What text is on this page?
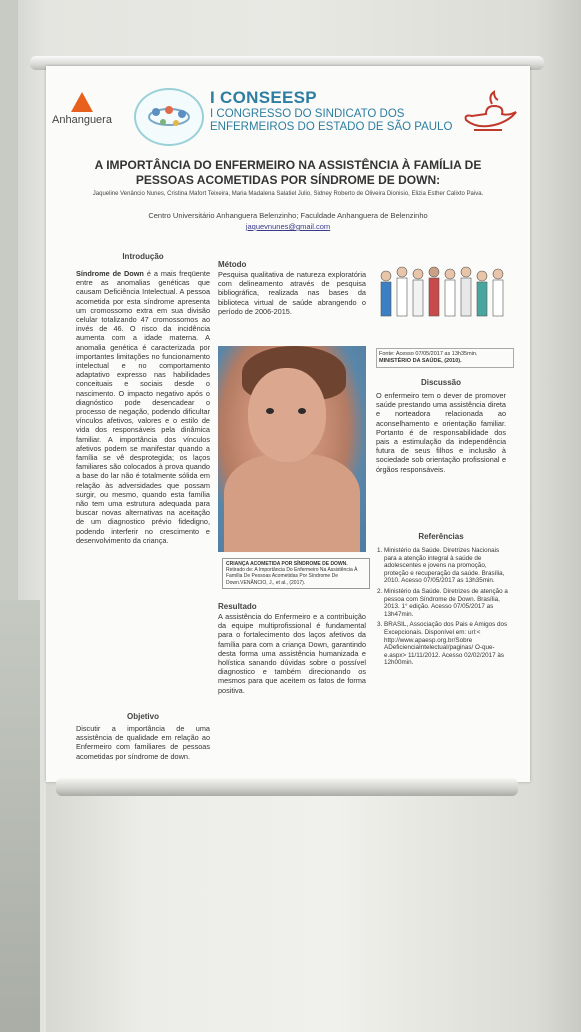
Anhanguera
I CONSEESP
I CONGRESSO DO SINDICATO DOS
ENFERMEIROS DO ESTADO DE SÃO PAULO
A IMPORTÂNCIA DO ENFERMEIRO NA ASSISTÊNCIA À FAMÍLIA DE
PESSOAS ACOMETIDAS POR SÍNDROME DE DOWN:
Jaqueline Venâncio Nunes, Cristina Mafort Teixeira, Maria Madalena Salatiel Julio, Sidney Roberto de Oliveira Dionisio, Elizia Esther Calixto Paiva.
Centro Universitário Anhanguera Belenzinho; Faculdade Anhanguera de Belenzinho
jaquevnunes@gmail.com
Introdução
Síndrome de Down é a mais freqüente entre as anomalias genéticas que causam Deficiência Intelectual. A pessoa acometida por esta síndrome apresenta um cromossomo extra em sua divisão celular totalizando 47 cromossomos ao invés de 46. O risco da incidência aumenta com a idade materna. A anomalia genética é caracterizada por importantes limitações no funcionamento intelectual e no comportamento adaptativo expresso nas habilidades conceituais e sociais desde o nascimento. O impacto negativo após o diagnóstico pode desencadear o processo de negação, podendo dificultar vínculos afetivos, valores e o estilo de vida dos responsáveis pela dinâmica familiar. A importância dos vínculos afetivos podem se manifestar quando a família se vê desprotegida; os laços familiares são colocados à prova quando a base do lar não é totalmente sólida em relação às adversidades que possam surgir, ou mesmo, quando esta família não tem uma estrutura adequada para buscar novas alternativas na aceitação de um diagnostico prévio fidedigno, podendo interferir no crescimento e desenvolvimento da criança.
Objetivo
Discutir a importância de uma assistência de qualidade em relação ao Enfermeiro com familiares de pessoas acometidas por síndrome de down.
Método
Pesquisa qualitativa de natureza exploratória com delineamento através de pesquisa bibliográfica, realizada nas bases da biblioteca virtual de saúde abrangendo o período de 2006-2015.
CRIANÇA ACOMETIDA POR SÍNDROME DE DOWN.
Retirado de: A Importância Do Enfermeiro Na Assistência À Família De Pessoas Acometidas Por Síndrome De Down.VENÂNCIO, J., et al., (2017).
Resultado
A assistência do Enfermeiro e a contribuição da equipe multiprofissional é fundamental para o fortalecimento dos laços afetivos da família para com a criança Down, garantindo desta forma uma assistência humanizada e holística sanando dúvidas sobre o possível diagnostico e também direcionando os mesmos para que aceitem os fatos de forma positiva.
Fonte: Acesso 07/05/2017 as 13h35min.
MINISTÉRIO DA SAÚDE, (2010).
Discussão
O enfermeiro tem o dever de promover saúde prestando uma assistência direta e norteadora relacionada ao aconselhamento e orientação familiar. Portanto é de responsabilidade dos pais a estimulação da independência futura de seus filhos e inclusão à sociedade sob orientação profissional e órgãos responsáveis.
Referências
1. Ministério da Saúde. Diretrizes Nacionais para a atenção integral à saúde de adolescentes e jovens na promoção, proteção e recuperação da saúde. Brasília, 2010. Acesso 07/05/2017 as 13h35min.
2. Ministério da Saúde. Diretrizes de atenção a pessoa com Síndrome de Down. Brasília, 2013. 1° edição. Acesso 07/05/2017 as 13h47min.
3. BRASIL, Associação dos Pais e Amigos dos Excepcionais. Disponível em: url:< http://www.apaesp.org.br/Sobre ADeficienciaIntelectual/paginas/ O-que-e.aspx> 11/11/2012. Acesso 02/02/2017 às 12h00min.
